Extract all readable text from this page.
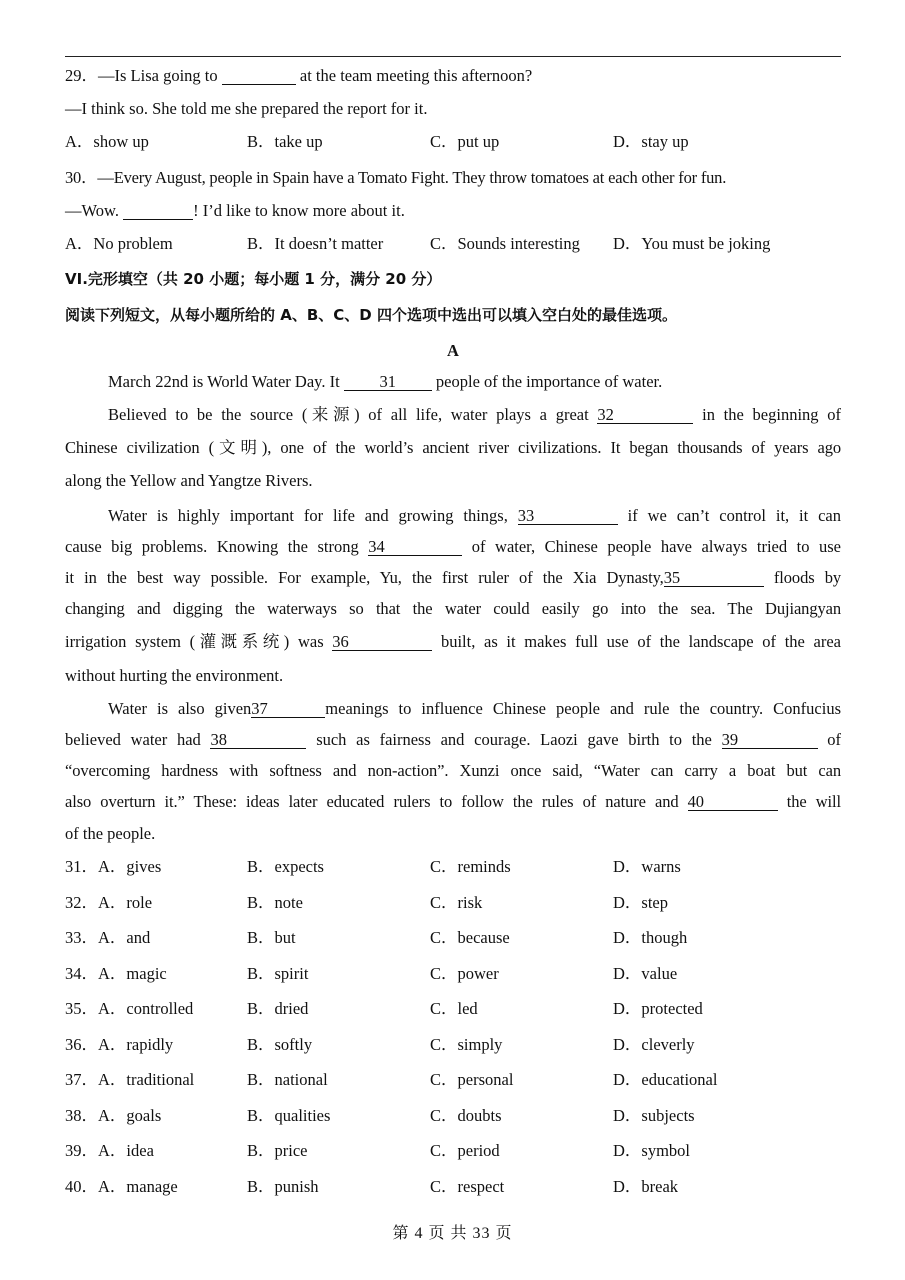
29．—Is Lisa going to	at the team meeting this afternoon?
—I think so. She told me she prepared the report for it.
A．show up	B．take up	C．put up	D．stay up
30．—Every August, people in Spain have a Tomato Fight. They throw tomatoes at each other for fun.
—Wow.	! I’d like to know more about it.
A．No problem	B．It doesn’t matter	C．Sounds interesting D．You must be joking
VI.完形填空（共 20 小题；每小题 1 分，满分 20 分）
阅读下列短文，从每小题所给的 A、B、C、D 四个选项中选出可以填入空白处的最佳选项。
A
March 22nd is World Water Day. It 31 people of the importance of water.
Believed to be the source (来源) of all life, water plays a great 32	in the beginning of
Chinese civilization (文明), one of the world’s ancient river civilizations. It began thousands of years ago
along the Yellow and Yangtze Rivers.
Water is highly important for life and growing things, 33	if we can’t control it, it can
cause big problems. Knowing the strong 34	of water, Chinese people have always tried to use
it in the best way possible. For example, Yu, the first ruler of the Xia Dynasty,35	floods by
changing and digging the waterways so that the water could easily go into the sea. The Dujiangyan
irrigation system (灌溉系统) was 36	built, as it makes full use of the landscape of the area
without hurting the environment.
Water is also given37	meanings to influence Chinese people and rule the country. Confucius
believed water had 38	such as fairness and courage. Laozi gave birth to the 39	of
“overcoming hardness with softness and non-action”. Xunzi once said, “Water can carry a boat but can
also overturn it.” These: ideas later educated rulers to follow the rules of nature and 40	the will
of the people.
31．A．gives	B．expects	C．reminds	D．warns
32．A．role	B．note	C．risk	D．step
33．A．and	B．but	C．because	D．though
34．A．magic	B．spirit	C．power	D．value
35．A．controlled	B．dried	C．led	D．protected
36．A．rapidly	B．softly	C．simply	D．cleverly
37．A．traditional	B．national	C．personal	D．educational
38．A．goals	B．qualities	C．doubts	D．subjects
39．A．idea	B．price	C．period	D．symbol
40．A．manage	B．punish	C．respect	D．break
第 4 页 共 33 页
